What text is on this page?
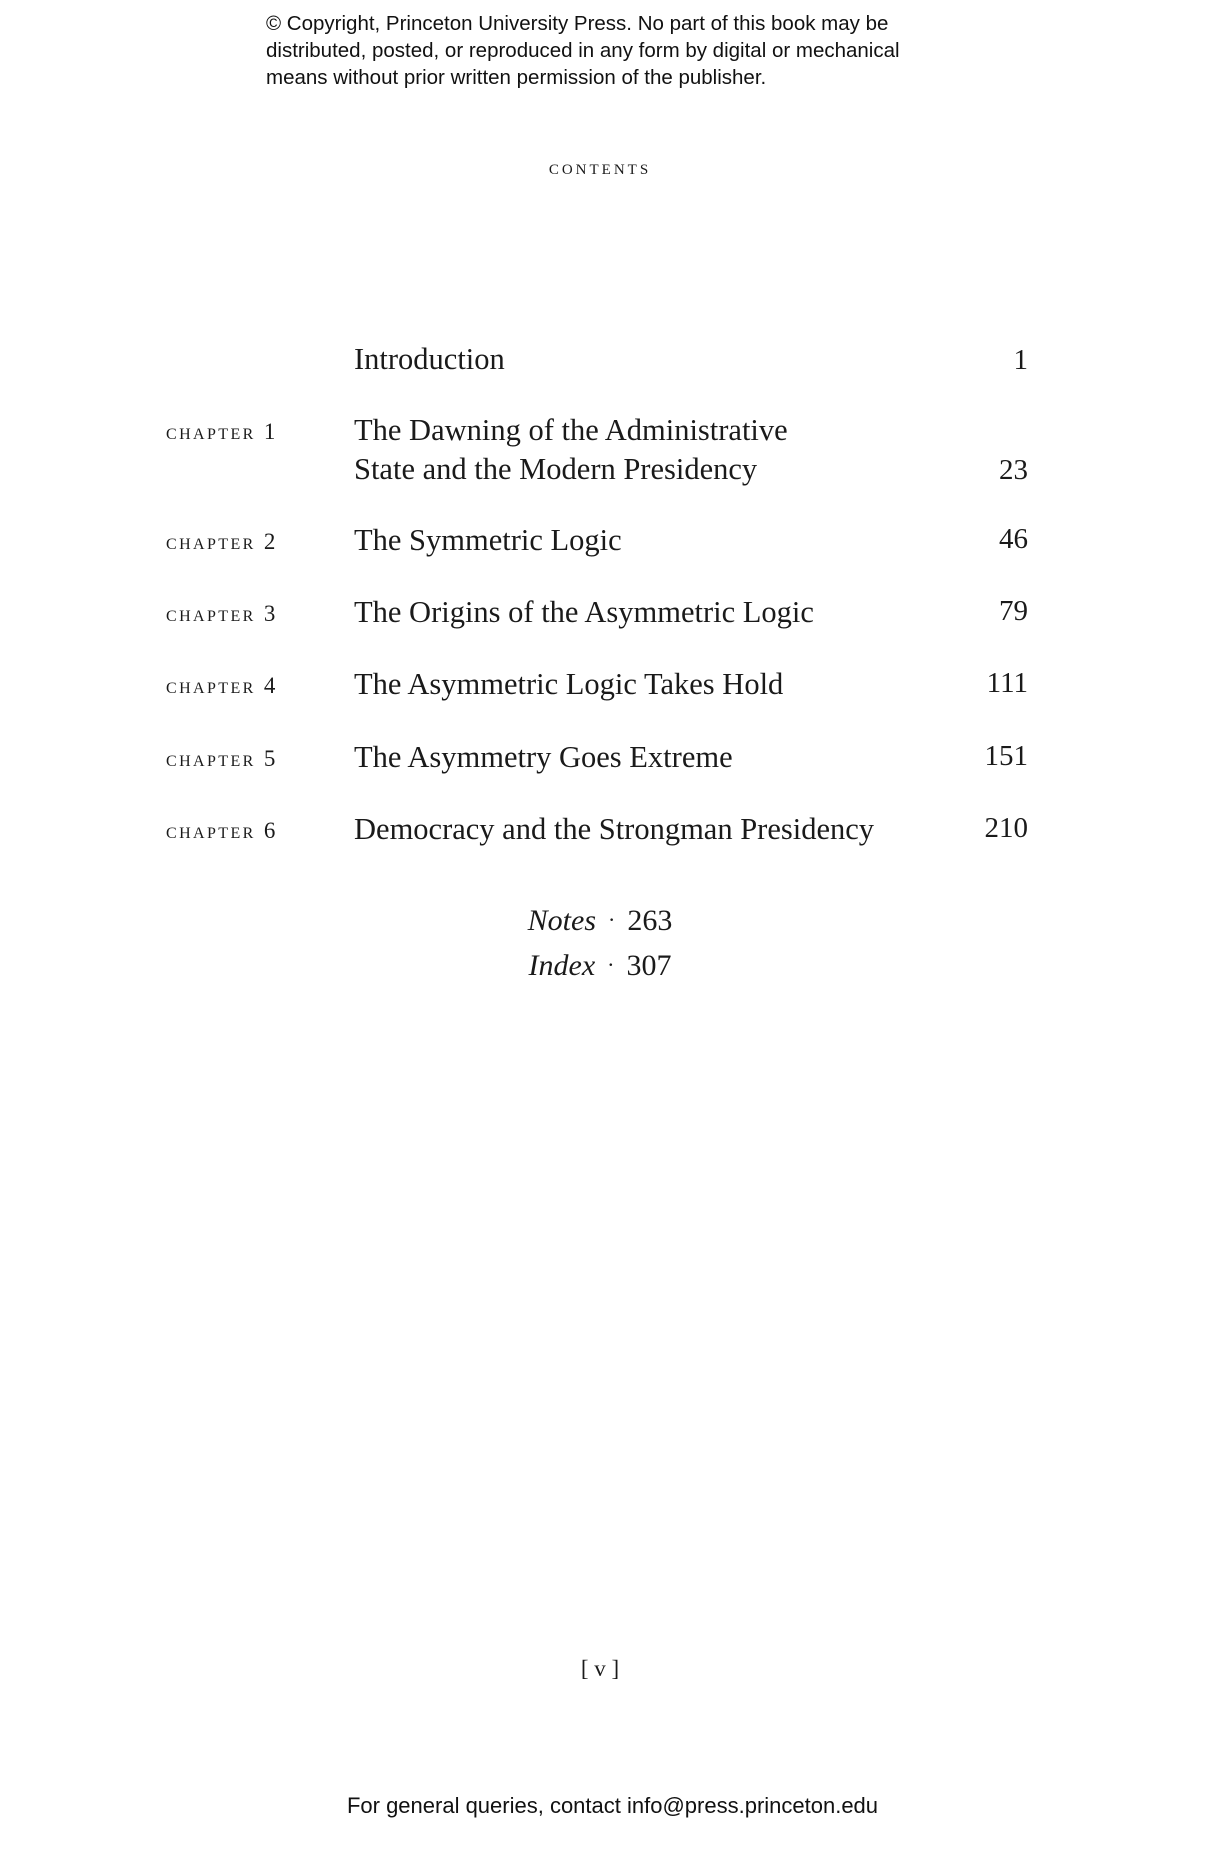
© Copyright, Princeton University Press. No part of this book may be
distributed, posted, or reproduced in any form by digital or mechanical
means without prior written permission of the publisher.
contents
Introduction	1
chapter 1	The Dawning of the Administrative
State and the Modern Presidency	23
chapter 2	The Symmetric Logic	46
chapter 3	The Origins of the Asymmetric Logic	79
chapter 4	The Asymmetric Logic Takes Hold	111
chapter 5	The Asymmetry Goes Extreme	151
chapter 6	Democracy and the Strongman Presidency	210
Notes · 263
Index · 307
[ v ]
For general queries, contact info@press.princeton.edu
